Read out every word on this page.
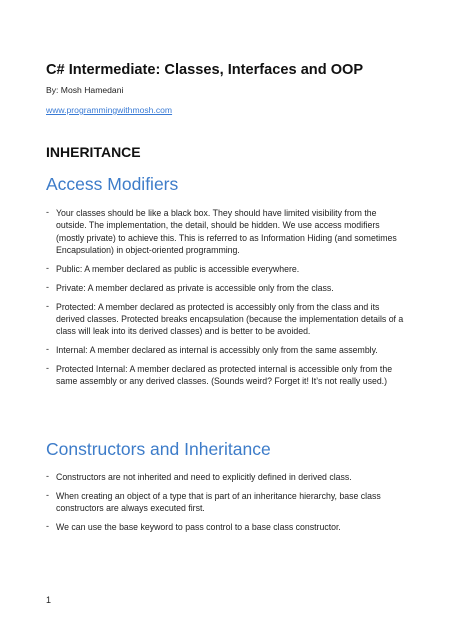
C# Intermediate: Classes, Interfaces and OOP
By: Mosh Hamedani
www.programmingwithmosh.com
INHERITANCE
Access Modifiers
- Your classes should be like a black box. They should have limited visibility from the outside. The implementation, the detail, should be hidden. We use access modifiers (mostly private) to achieve this. This is referred to as Information Hiding (and sometimes Encapsulation) in object-oriented programming.
- Public: A member declared as public is accessible everywhere.
- Private: A member declared as private is accessible only from the class.
- Protected: A member declared as protected is accessibly only from the class and its derived classes. Protected breaks encapsulation (because the implementation details of a class will leak into its derived classes) and is better to be avoided.
- Internal: A member declared as internal is accessibly only from the same assembly.
- Protected Internal: A member declared as protected internal is accessible only from the same assembly or any derived classes. (Sounds weird? Forget it! It’s not really used.)
Constructors and Inheritance
- Constructors are not inherited and need to explicitly defined in derived class.
- When creating an object of a type that is part of an inheritance hierarchy, base class constructors are always executed first.
- We can use the base keyword to pass control to a base class constructor.
1
